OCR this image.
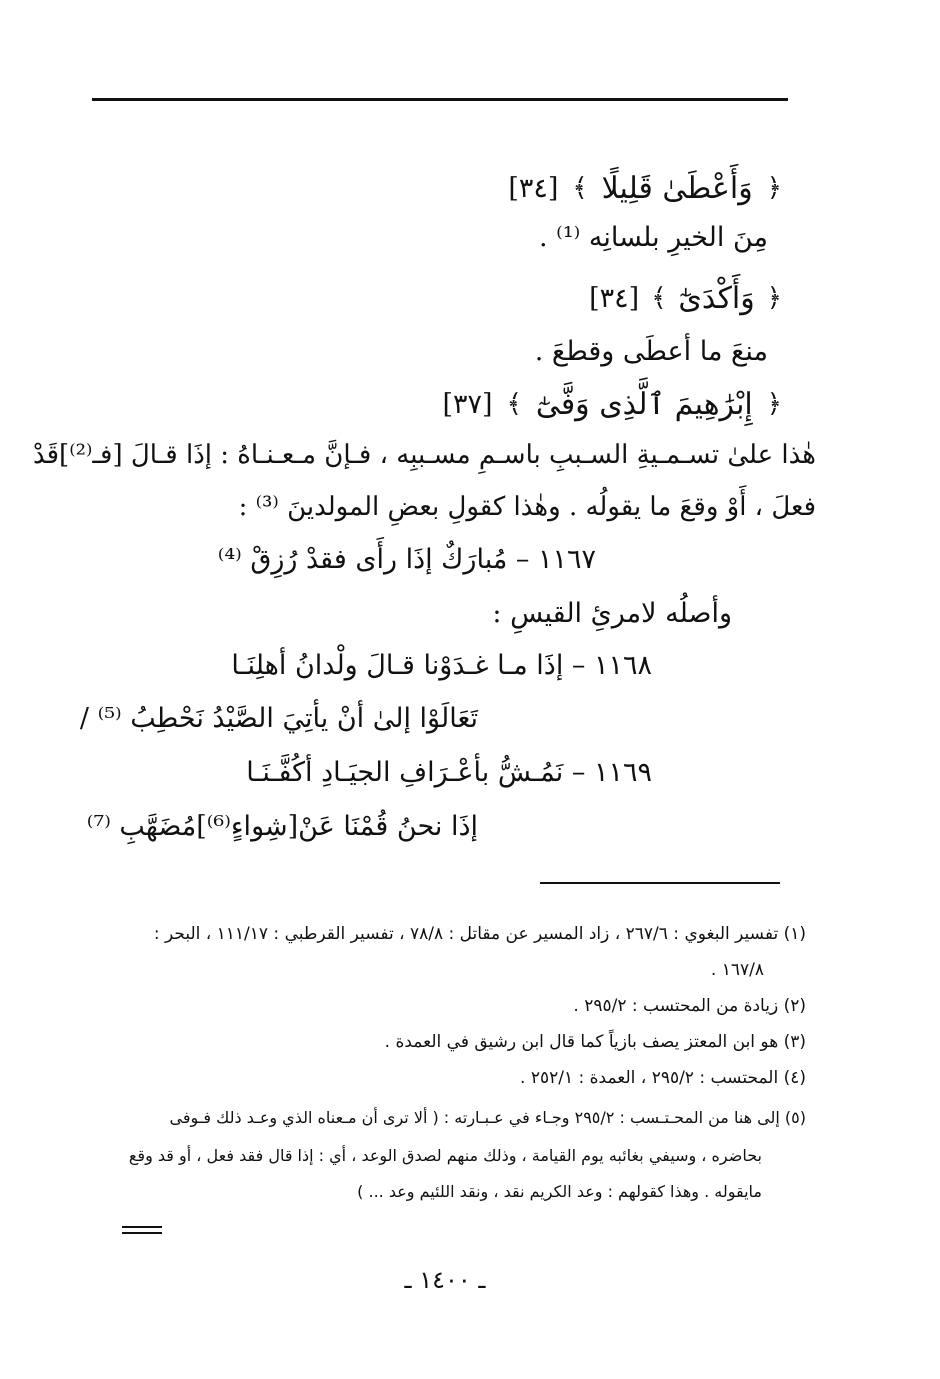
﴿
وَأَعْطَىٰ قَلِيلًا
﴾
[٣٤]
مِنَ الخيرِ بلسانِه ⁽¹⁾ .
﴿
وَأَكْدَىٰٓ
﴾
[٣٤]
منعَ ما أعطَى وقطعَ .
﴿
إِبْرَٰهِيمَ ٱلَّذِى وَفَّىٰٓ
﴾
[٣٧]
هٰذا علىٰ تسـمـيةِ السـببِ باسـمِ مسـببِه ، فـإنَّ مـعـنـاهُ : إذَا قـالَ [فـ⁽²⁾]قَدْ
فعلَ ، أَوْ وقعَ ما يقولُه . وهٰذا كقولِ بعضِ المولدينَ ⁽³⁾ :
١١٦٧ – مُبارَكٌ إذَا رأَى فقدْ رُزِقْ ⁽⁴⁾
وأصلُه لامرئِ القيسِ :
١١٦٨ – إذَا مـا غـدَوْنا قـالَ ولْدانُ أهلِنَـا
تَعَالَوْا إلىٰ أنْ يأتِيَ الصَّيْدُ نَحْطِبُ ⁽⁵⁾ /
١١٦٩ – نَمُـشُّ بأعْـرَافِ الجيَـادِ أكُفَّـنَـا
إذَا نحنُ قُمْنَا عَنْ[شِواءٍ⁽⁶⁾]مُضَهَّبِ ⁽⁷⁾
(١) تفسير البغوي : ٢٦٧/٦ ، زاد المسير عن مقاتل : ٧٨/٨ ، تفسير القرطبي : ١١١/١٧ ، البحر :
١٦٧/٨ .
(٢) زيادة من المحتسب : ٢٩٥/٢ .
(٣) هو ابن المعتز يصف بازياً كما قال ابن رشيق في العمدة .
(٤) المحتسب : ٢٩٥/٢ ، العمدة : ٢٥٢/١ .
(٥) إلى هنا من المحـتـسب : ٢٩٥/٢ وجـاء في عـبـارته : ( ألا ترى أن مـعناه الذي وعـد ذلك فـوفى
بحاضره ، وسيفي بغائبه يوم القيامة ، وذلك منهم لصدق الوعد ، أي : إذا قال فقد فعل ، أو قد وقع
مايقوله . وهذا كقولهم : وعد الكريم نقد ، ونقد اللئيم وعد ... )
ـ ١٤٠٠ ـ
